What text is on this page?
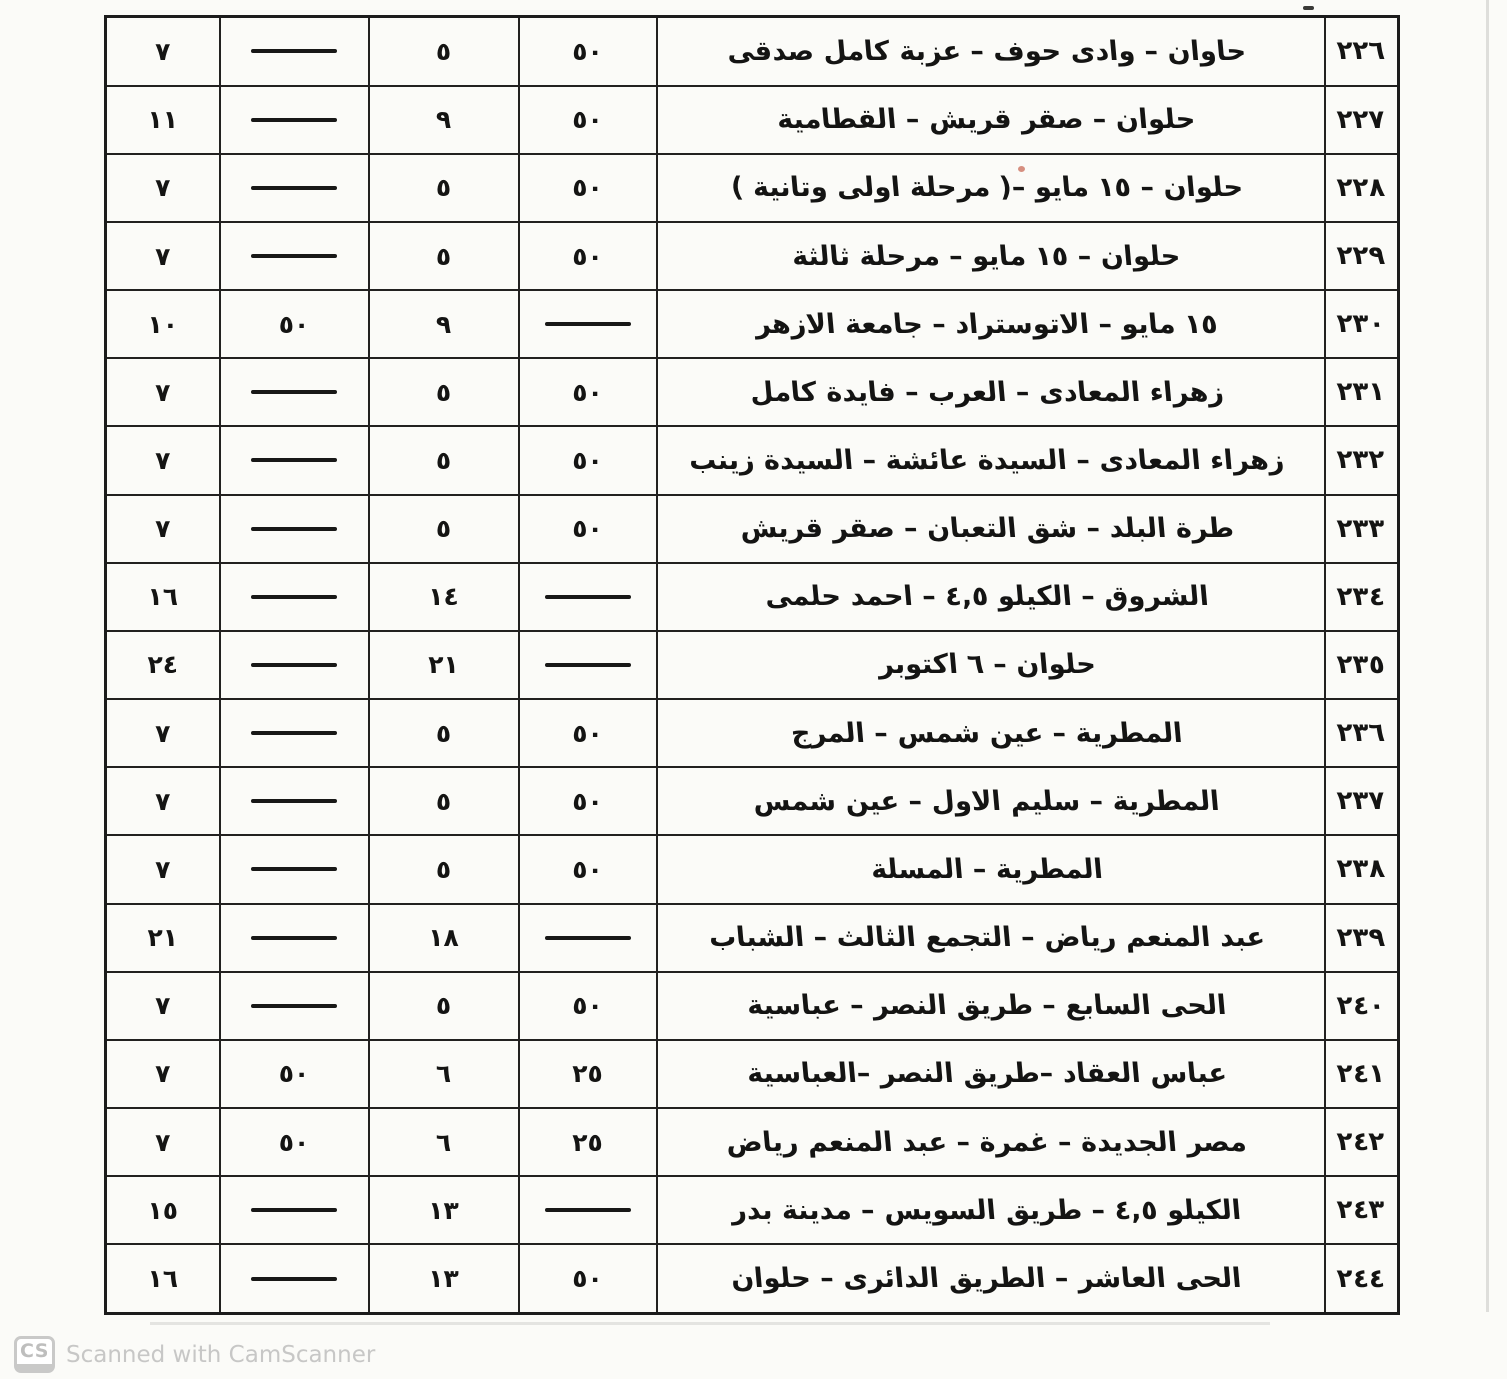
٢٢٦	حاوان – وادى حوف – عزبة كامل صدقى	٥٠	٥		٧
٢٢٧	حلوان – صقر قريش – القطامية	٥٠	٩		١١
٢٢٨	حلوان – ١٥ مايو –( مرحلة اولى وتانية )	٥٠	٥		٧
٢٢٩	حلوان – ١٥ مايو – مرحلة ثالثة	٥٠	٥		٧
٢٣٠	١٥ مايو – الاتوستراد – جامعة الازهر		٩	٥٠	١٠
٢٣١	زهراء المعادى – العرب – فايدة كامل	٥٠	٥		٧
٢٣٢	زهراء المعادى – السيدة عائشة – السيدة زينب	٥٠	٥		٧
٢٣٣	طرة البلد – شق التعبان – صقر قريش	٥٠	٥		٧
٢٣٤	الشروق – الكيلو ٤,٥ – احمد حلمى		١٤		١٦
٢٣٥	حلوان – ٦ اكتوبر		٢١		٢٤
٢٣٦	المطرية – عين شمس – المرج	٥٠	٥		٧
٢٣٧	المطرية – سليم الاول – عين شمس	٥٠	٥		٧
٢٣٨	المطرية – المسلة	٥٠	٥		٧
٢٣٩	عبد المنعم رياض – التجمع الثالث – الشباب		١٨		٢١
٢٤٠	الحى السابع – طريق النصر – عباسية	٥٠	٥		٧
٢٤١	عباس العقاد –طريق النصر –العباسية	٢٥	٦	٥٠	٧
٢٤٢	مصر الجديدة – غمرة – عبد المنعم رياض	٢٥	٦	٥٠	٧
٢٤٣	الكيلو ٤,٥ – طريق السويس – مدينة بدر		١٣		١٥
٢٤٤	الحى العاشر – الطريق الدائرى – حلوان	٥٠	١٣		١٦
CS Scanned with CamScanner
